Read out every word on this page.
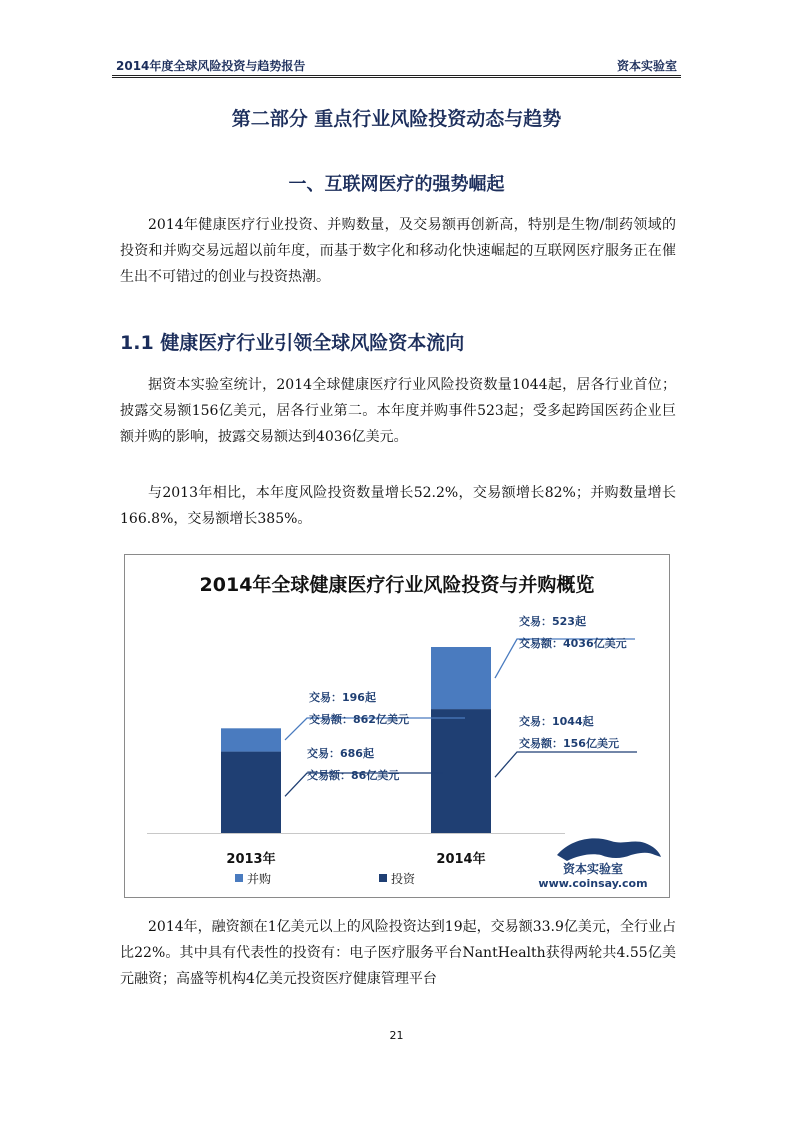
2014年度全球风险投资与趋势报告	资本实验室
第二部分 重点行业风险投资动态与趋势
一、互联网医疗的强势崛起

2014年健康医疗行业投资、并购数量，及交易额再创新高，特别是生物/制药领域的投资和并购交易远超以前年度，而基于数字化和移动化快速崛起的互联网医疗服务正在催生出不可错过的创业与投资热潮。

1.1 健康医疗行业引领全球风险资本流向

据资本实验室统计，2014全球健康医疗行业风险投资数量1044起，居各行业首位；披露交易额156亿美元，居各行业第二。本年度并购事件523起；受多起跨国医药企业巨额并购的影响，披露交易额达到4036亿美元。

与2013年相比，本年度风险投资数量增长52.2%，交易额增长82%；并购数量增长166.8%，交易额增长385%。

2014年全球健康医疗行业风险投资与并购概览
2013年	2014年
交易：196起
交易额：862亿美元
交易：686起
交易额：86亿美元
交易：523起
交易额：4036亿美元
交易：1044起
交易额：156亿美元
并购	投资
资本实验室
www.coinsay.com

2014年，融资额在1亿美元以上的风险投资达到19起，交易额33.9亿美元，全行业占比22%。其中具有代表性的投资有：电子医疗服务平台NantHealth获得两轮共4.55亿美元融资；高盛等机构4亿美元投资医疗健康管理平台

21
